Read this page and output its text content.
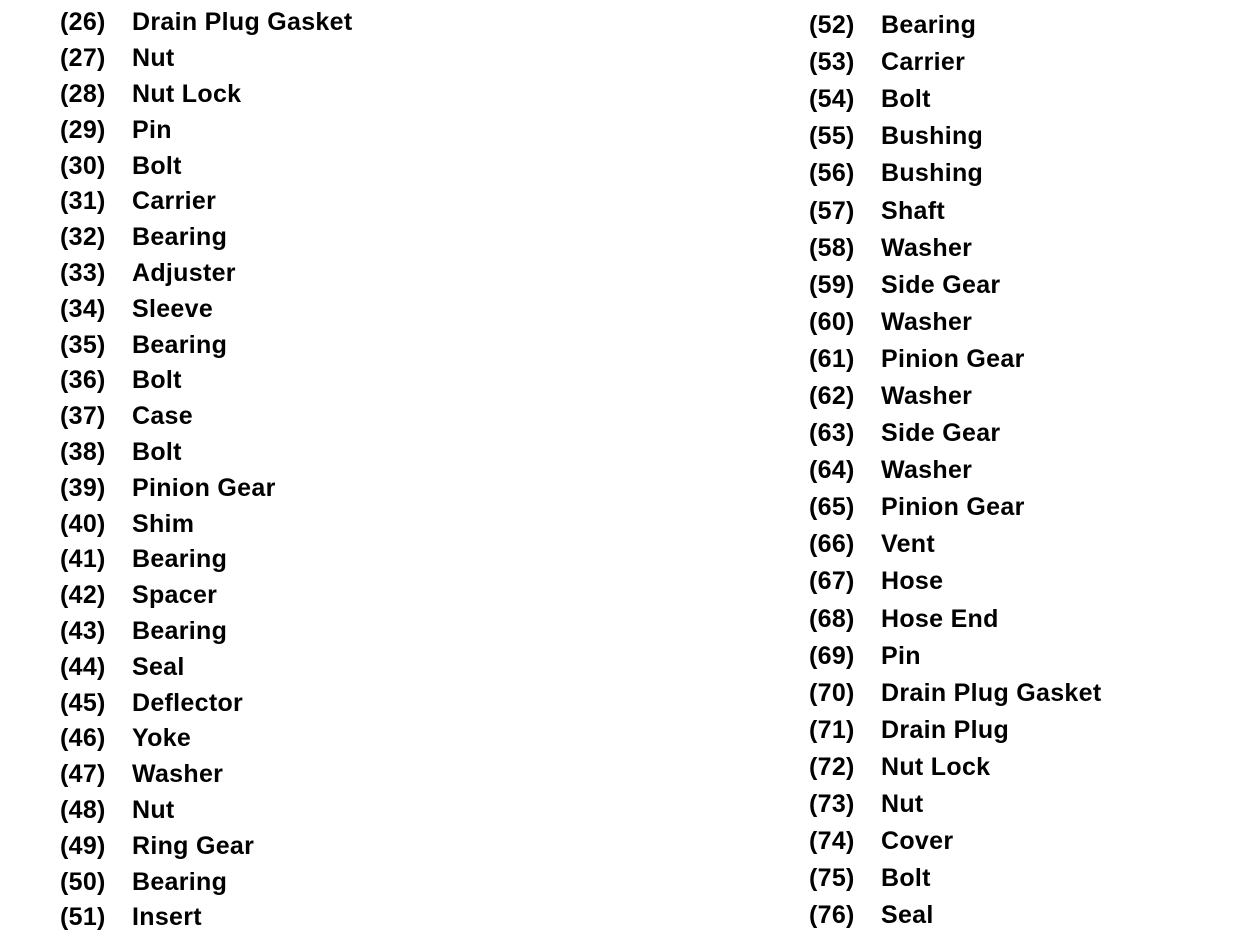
(26)	Drain Plug Gasket
(27)	Nut
(28)	Nut Lock
(29)	Pin
(30)	Bolt
(31)	Carrier
(32)	Bearing
(33)	Adjuster
(34)	Sleeve
(35)	Bearing
(36)	Bolt
(37)	Case
(38)	Bolt
(39)	Pinion Gear
(40)	Shim
(41)	Bearing
(42)	Spacer
(43)	Bearing
(44)	Seal
(45)	Deflector
(46)	Yoke
(47)	Washer
(48)	Nut
(49)	Ring Gear
(50)	Bearing
(51)	Insert
(52)	Bearing
(53)	Carrier
(54)	Bolt
(55)	Bushing
(56)	Bushing
(57)	Shaft
(58)	Washer
(59)	Side Gear
(60)	Washer
(61)	Pinion Gear
(62)	Washer
(63)	Side Gear
(64)	Washer
(65)	Pinion Gear
(66)	Vent
(67)	Hose
(68)	Hose End
(69)	Pin
(70)	Drain Plug Gasket
(71)	Drain Plug
(72)	Nut Lock
(73)	Nut
(74)	Cover
(75)	Bolt
(76)	Seal
